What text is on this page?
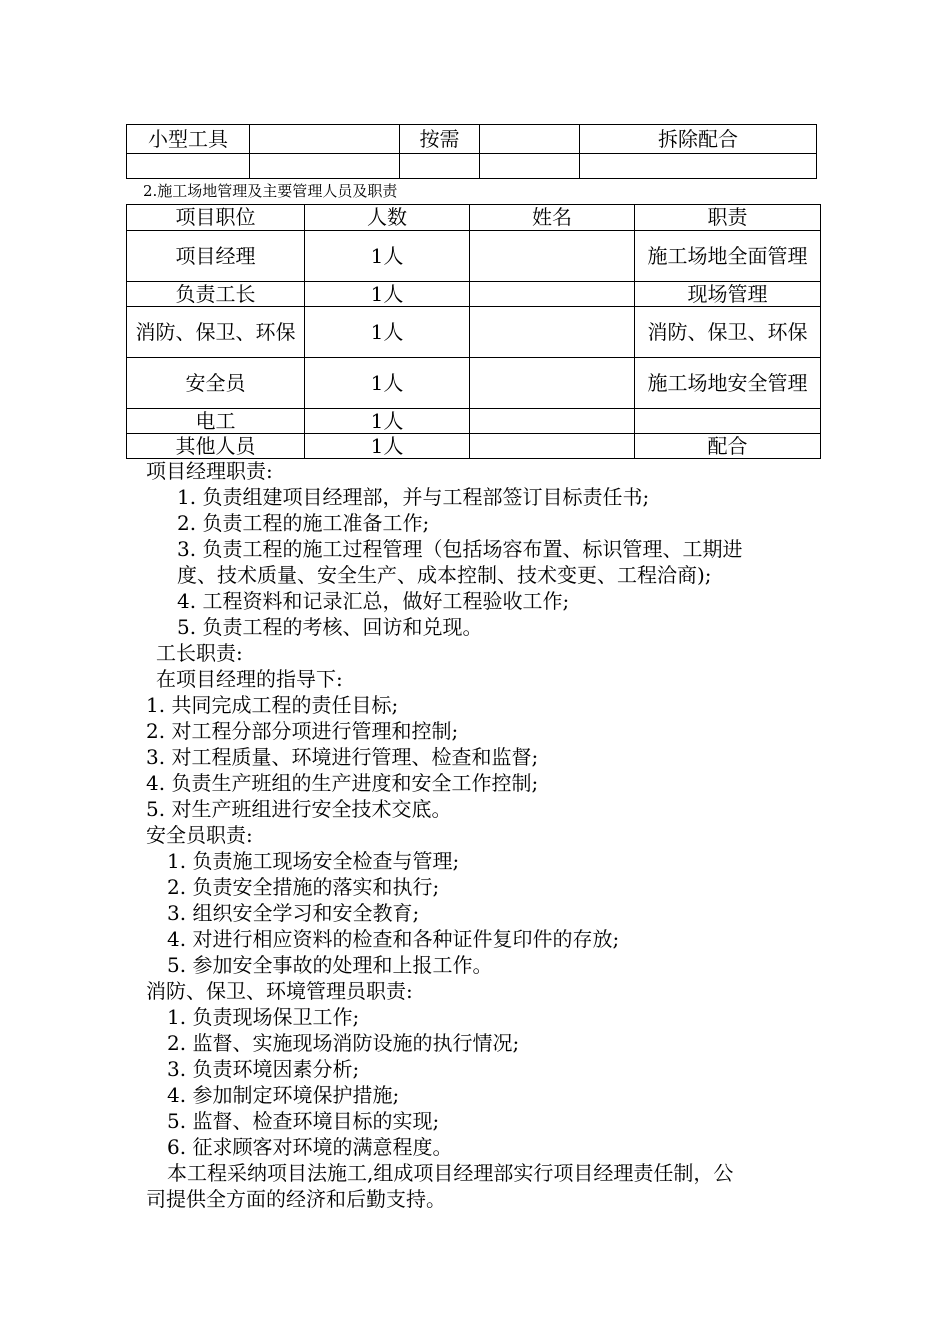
小型工具		按需		拆除配合

2.施工场地管理及主要管理人员及职责
项目职位	人数	姓名	职责
项目经理	1人		施工场地全面管理
负责工长	1人		现场管理
消防、保卫、环保	1人		消防、保卫、环保
安全员	1人		施工场地安全管理
电工	1人		
其他人员	1人		配合
项目经理职责:
1. 负责组建项目经理部，并与工程部签订目标责任书;
2. 负责工程的施工准备工作;
3. 负责工程的施工过程管理（包括场容布置、标识管理、工期进
度、技术质量、安全生产、成本控制、技术变更、工程洽商);
4. 工程资料和记录汇总，做好工程验收工作;
5. 负责工程的考核、回访和兑现。
工长职责:
在项目经理的指导下:
1. 共同完成工程的责任目标;
2. 对工程分部分项进行管理和控制;
3. 对工程质量、环境进行管理、检查和监督;
4. 负责生产班组的生产进度和安全工作控制;
5. 对生产班组进行安全技术交底。
安全员职责:
1. 负责施工现场安全检查与管理;
2. 负责安全措施的落实和执行;
3. 组织安全学习和安全教育;
4. 对进行相应资料的检查和各种证件复印件的存放;
5. 参加安全事故的处理和上报工作。
消防、保卫、环境管理员职责:
1. 负责现场保卫工作;
2. 监督、实施现场消防设施的执行情况;
3. 负责环境因素分析;
4. 参加制定环境保护措施;
5. 监督、检查环境目标的实现;
6. 征求顾客对环境的满意程度。
本工程采纳项目法施工,组成项目经理部实行项目经理责任制，公
司提供全方面的经济和后勤支持。
